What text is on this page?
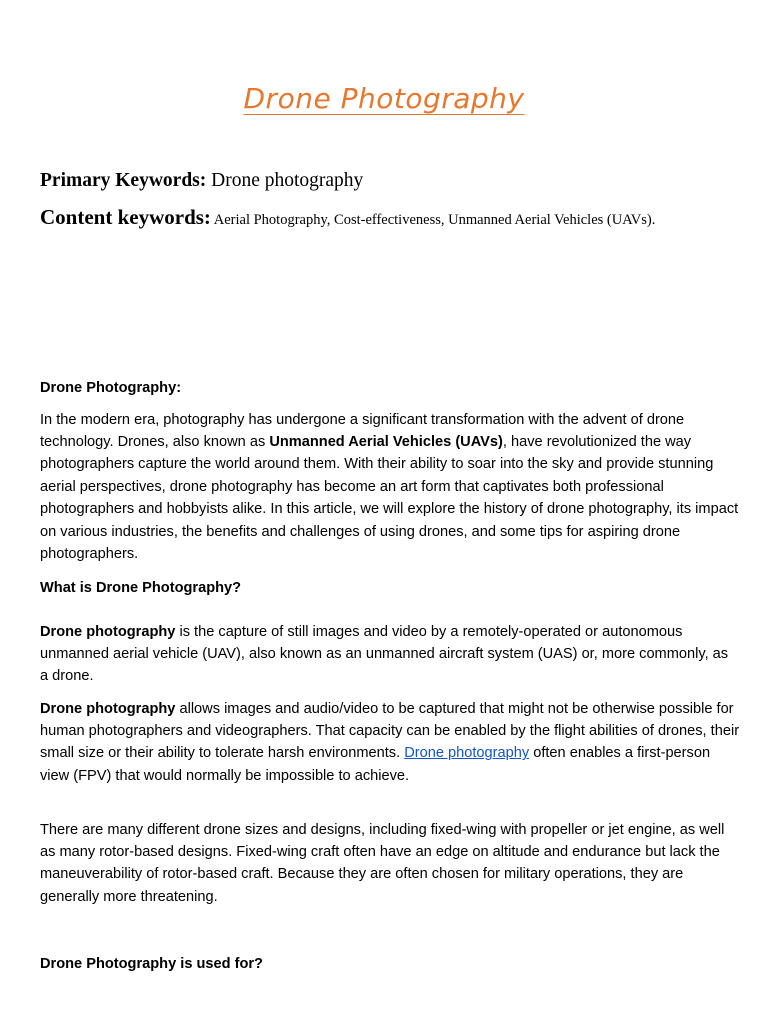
Drone Photography
Primary Keywords: Drone photography
Content keywords: Aerial Photography, Cost-effectiveness, Unmanned Aerial Vehicles (UAVs).

Drone Photography:

In the modern era, photography has undergone a significant transformation with the advent of drone technology. Drones, also known as Unmanned Aerial Vehicles (UAVs), have revolutionized the way photographers capture the world around them. With their ability to soar into the sky and provide stunning aerial perspectives, drone photography has become an art form that captivates both professional photographers and hobbyists alike. In this article, we will explore the history of drone photography, its impact on various industries, the benefits and challenges of using drones, and some tips for aspiring drone photographers.

What is Drone Photography?

Drone photography is the capture of still images and video by a remotely-operated or autonomous unmanned aerial vehicle (UAV), also known as an unmanned aircraft system (UAS) or, more commonly, as a drone.

Drone photography allows images and audio/video to be captured that might not be otherwise possible for human photographers and videographers. That capacity can be enabled by the flight abilities of drones, their small size or their ability to tolerate harsh environments. Drone photography often enables a first-person view (FPV) that would normally be impossible to achieve.

There are many different drone sizes and designs, including fixed-wing with propeller or jet engine, as well as many rotor-based designs. Fixed-wing craft often have an edge on altitude and endurance but lack the maneuverability of rotor-based craft. Because they are often chosen for military operations, they are generally more threatening.

Drone Photography is used for?
